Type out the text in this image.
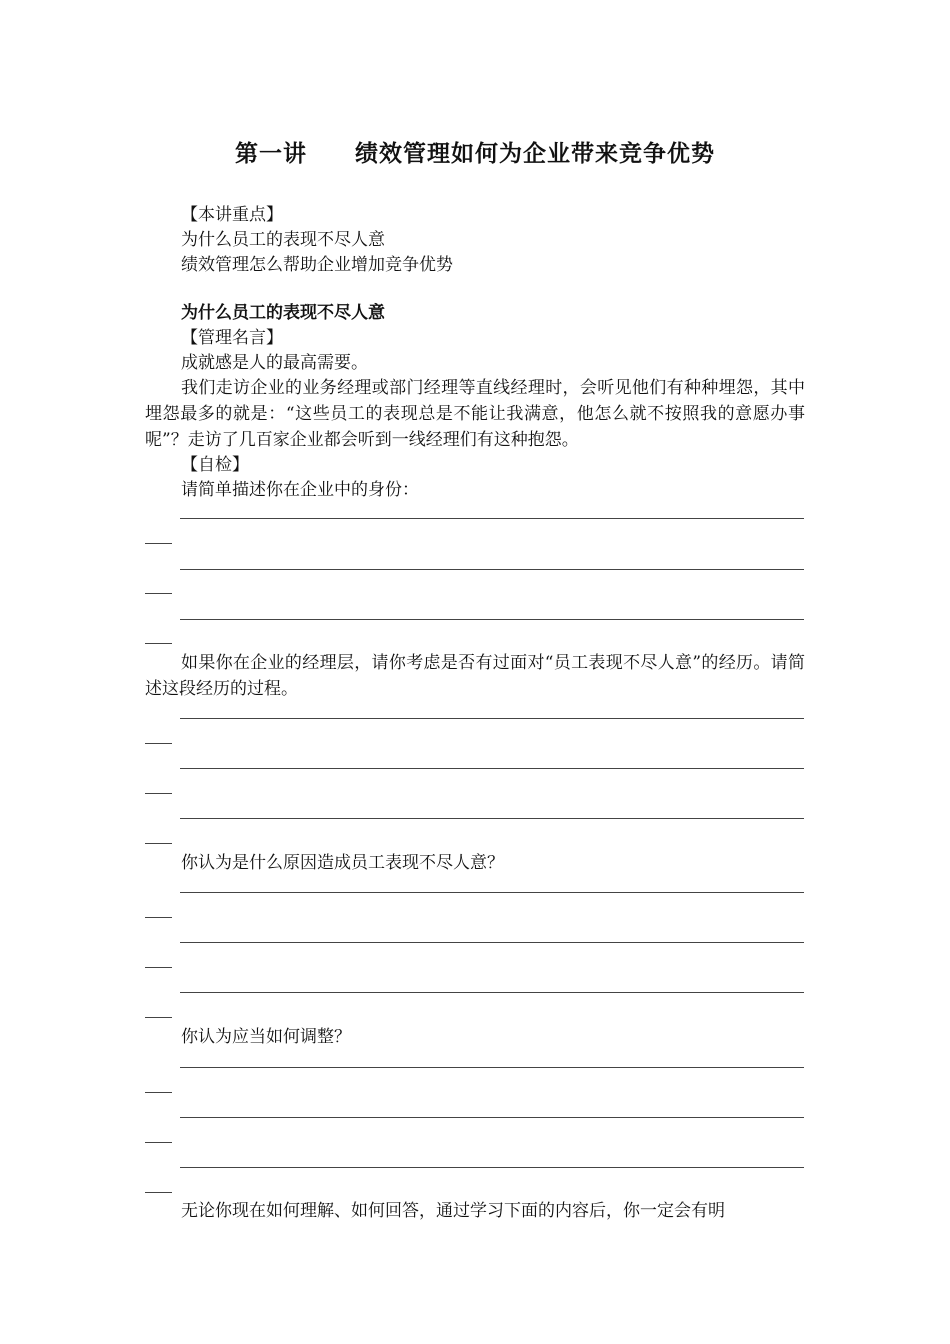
第一讲　　绩效管理如何为企业带来竞争优势
【本讲重点】
为什么员工的表现不尽人意
绩效管理怎么帮助企业增加竞争优势
为什么员工的表现不尽人意
【管理名言】
成就感是人的最高需要。
我们走访企业的业务经理或部门经理等直线经理时，会听见他们有种种埋怨，其中埋怨最多的就是：“这些员工的表现总是不能让我满意，他怎么就不按照我的意愿办事呢”？走访了几百家企业都会听到一线经理们有这种抱怨。
【自检】
请简单描述你在企业中的身份：
如果你在企业的经理层，请你考虑是否有过面对“员工表现不尽人意”的经历。请简述这段经历的过程。
你认为是什么原因造成员工表现不尽人意？
你认为应当如何调整？
无论你现在如何理解、如何回答，通过学习下面的内容后，你一定会有明
